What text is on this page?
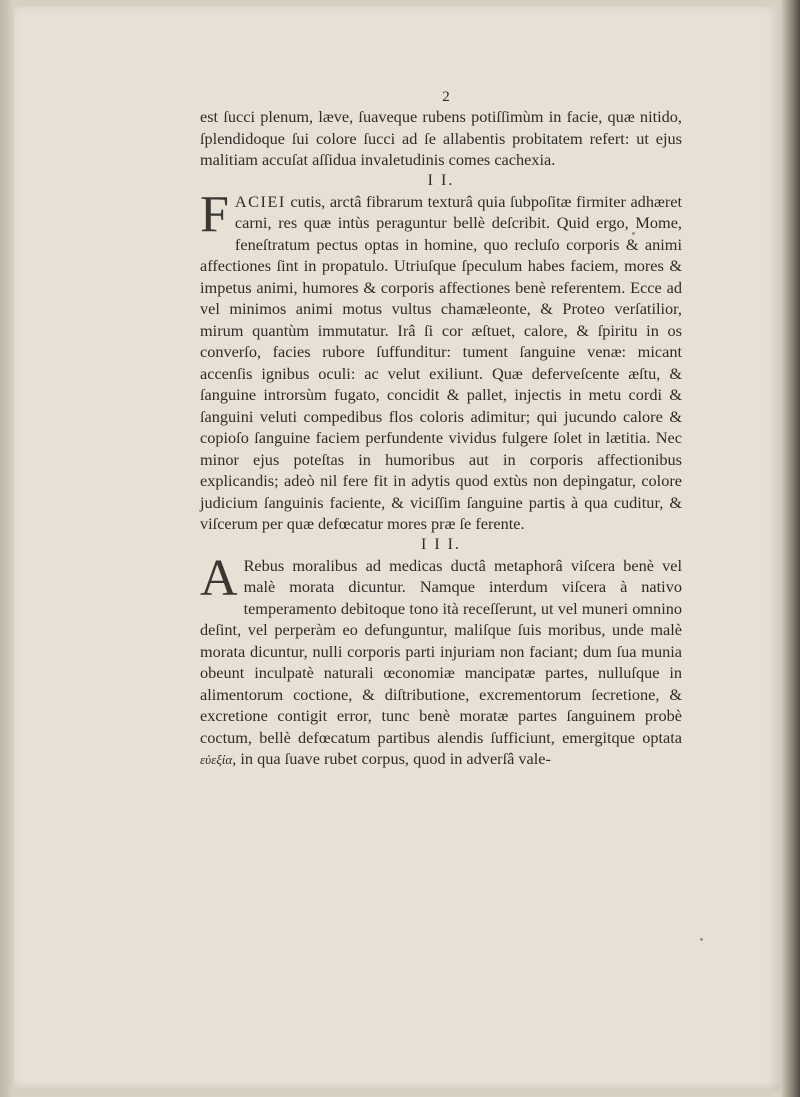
2

est ſucci plenum, læve, ſuaveque rubens potiſſimùm in facie, quæ nitido, ſplendidoque ſui colore ſucci ad ſe allabentis probitatem refert: ut ejus malitiam accuſat aſſidua invaletudinis comes cachexia.

I I.

FACIEI cutis, arctâ fibrarum texturâ quia ſubpoſitæ firmiter adhæret carni, res quæ intùs peraguntur bellè deſcribit. Quid ergo, Mome, feneſtratum pectus optas in homine, quo recluſo corporis & animi affectiones ſint in propatulo. Utriuſque ſpeculum habes faciem, mores & impetus animi, humores & corporis affectiones benè referentem. Ecce ad vel minimos animi motus vultus chamæleonte, & Proteo verſatilior, mirum quantùm immutatur. Irâ ſi cor æſtuet, calore, & ſpiritu in os converſo, facies rubore ſuffunditur: tument ſanguine venæ: micant accenſis ignibus oculi: ac velut exiliunt. Quæ deferveſcente æſtu, & ſanguine introrsùm fugato, concidit & pallet, injectis in metu cordi & ſanguini veluti compedibus flos coloris adimitur; qui jucundo calore & copioſo ſanguine faciem perfundente vividus fulgere ſolet in lætitia. Nec minor ejus poteſtas in humoribus aut in corporis affectionibus explicandis; adeò nil fere fit in adytis quod extùs non depingatur, colore judicium ſanguinis faciente, & viciſſim ſanguine partis à qua cuditur, & viſcerum per quæ defœcatur mores præ ſe ferente.

I I I.

A Rebus moralibus ad medicas ductâ metaphorâ viſcera benè vel malè morata dicuntur. Namque interdum viſcera à nativo temperamento debitoque tono ità receſſerunt, ut vel muneri omnino deſint, vel perperàm eo defunguntur, maliſque ſuis moribus, unde malè morata dicuntur, nulli corporis parti injuriam non faciant; dum ſua munia obeunt inculpatè naturali œconomiæ mancipatæ partes, nulluſque in alimentorum coctione, & diſtributione, excrementorum ſecretione, & excretione contigit error, tunc benè moratæ partes ſanguinem probè coctum, bellè defœcatum partibus alendis ſufficiunt, emergitque optata εὐεξία, in qua ſuave rubet corpus, quod in adverſâ vale-
